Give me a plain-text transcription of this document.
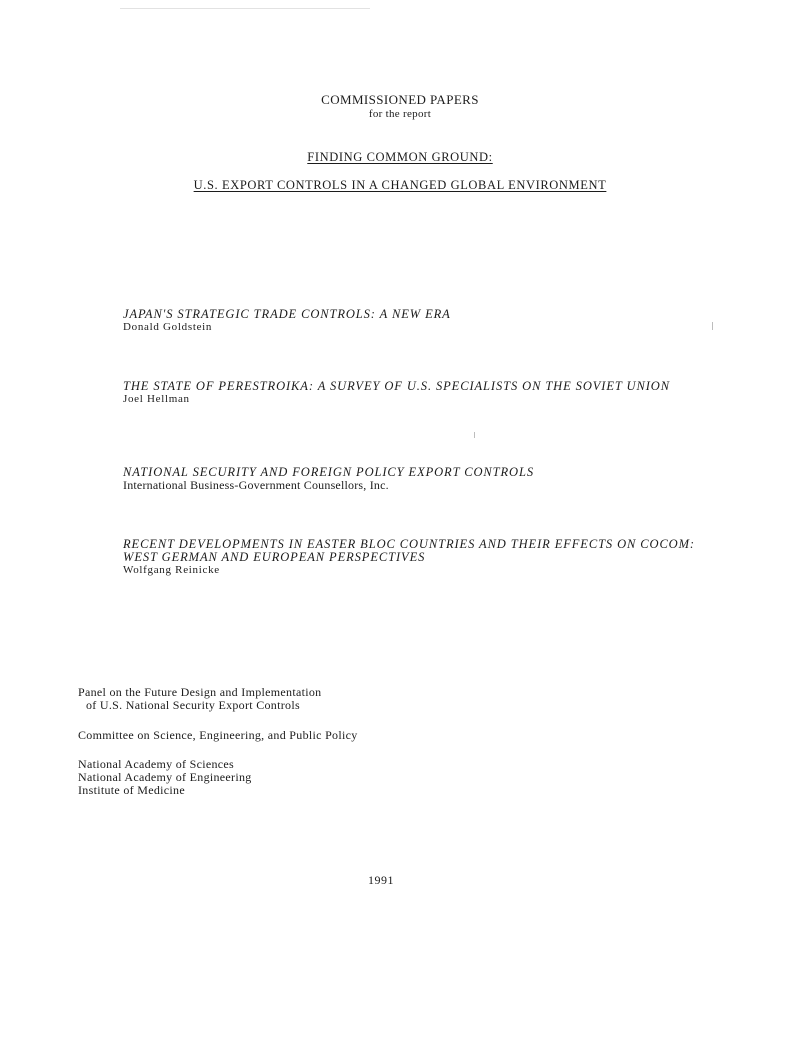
COMMISSIONED PAPERS
for the report
FINDING COMMON GROUND:
U.S. EXPORT CONTROLS IN A CHANGED GLOBAL ENVIRONMENT
JAPAN'S STRATEGIC TRADE CONTROLS: A NEW ERA
Donald Goldstein
THE STATE OF PERESTROIKA: A SURVEY OF U.S. SPECIALISTS ON THE SOVIET UNION
Joel Hellman
NATIONAL SECURITY AND FOREIGN POLICY EXPORT CONTROLS
International Business-Government Counsellors, Inc.
RECENT DEVELOPMENTS IN EASTER BLOC COUNTRIES AND THEIR EFFECTS ON COCOM: WEST GERMAN AND EUROPEAN PERSPECTIVES
Wolfgang Reinicke
Panel on the Future Design and Implementation
of U.S. National Security Export Controls
Committee on Science, Engineering, and Public Policy
National Academy of Sciences
National Academy of Engineering
Institute of Medicine
1991
